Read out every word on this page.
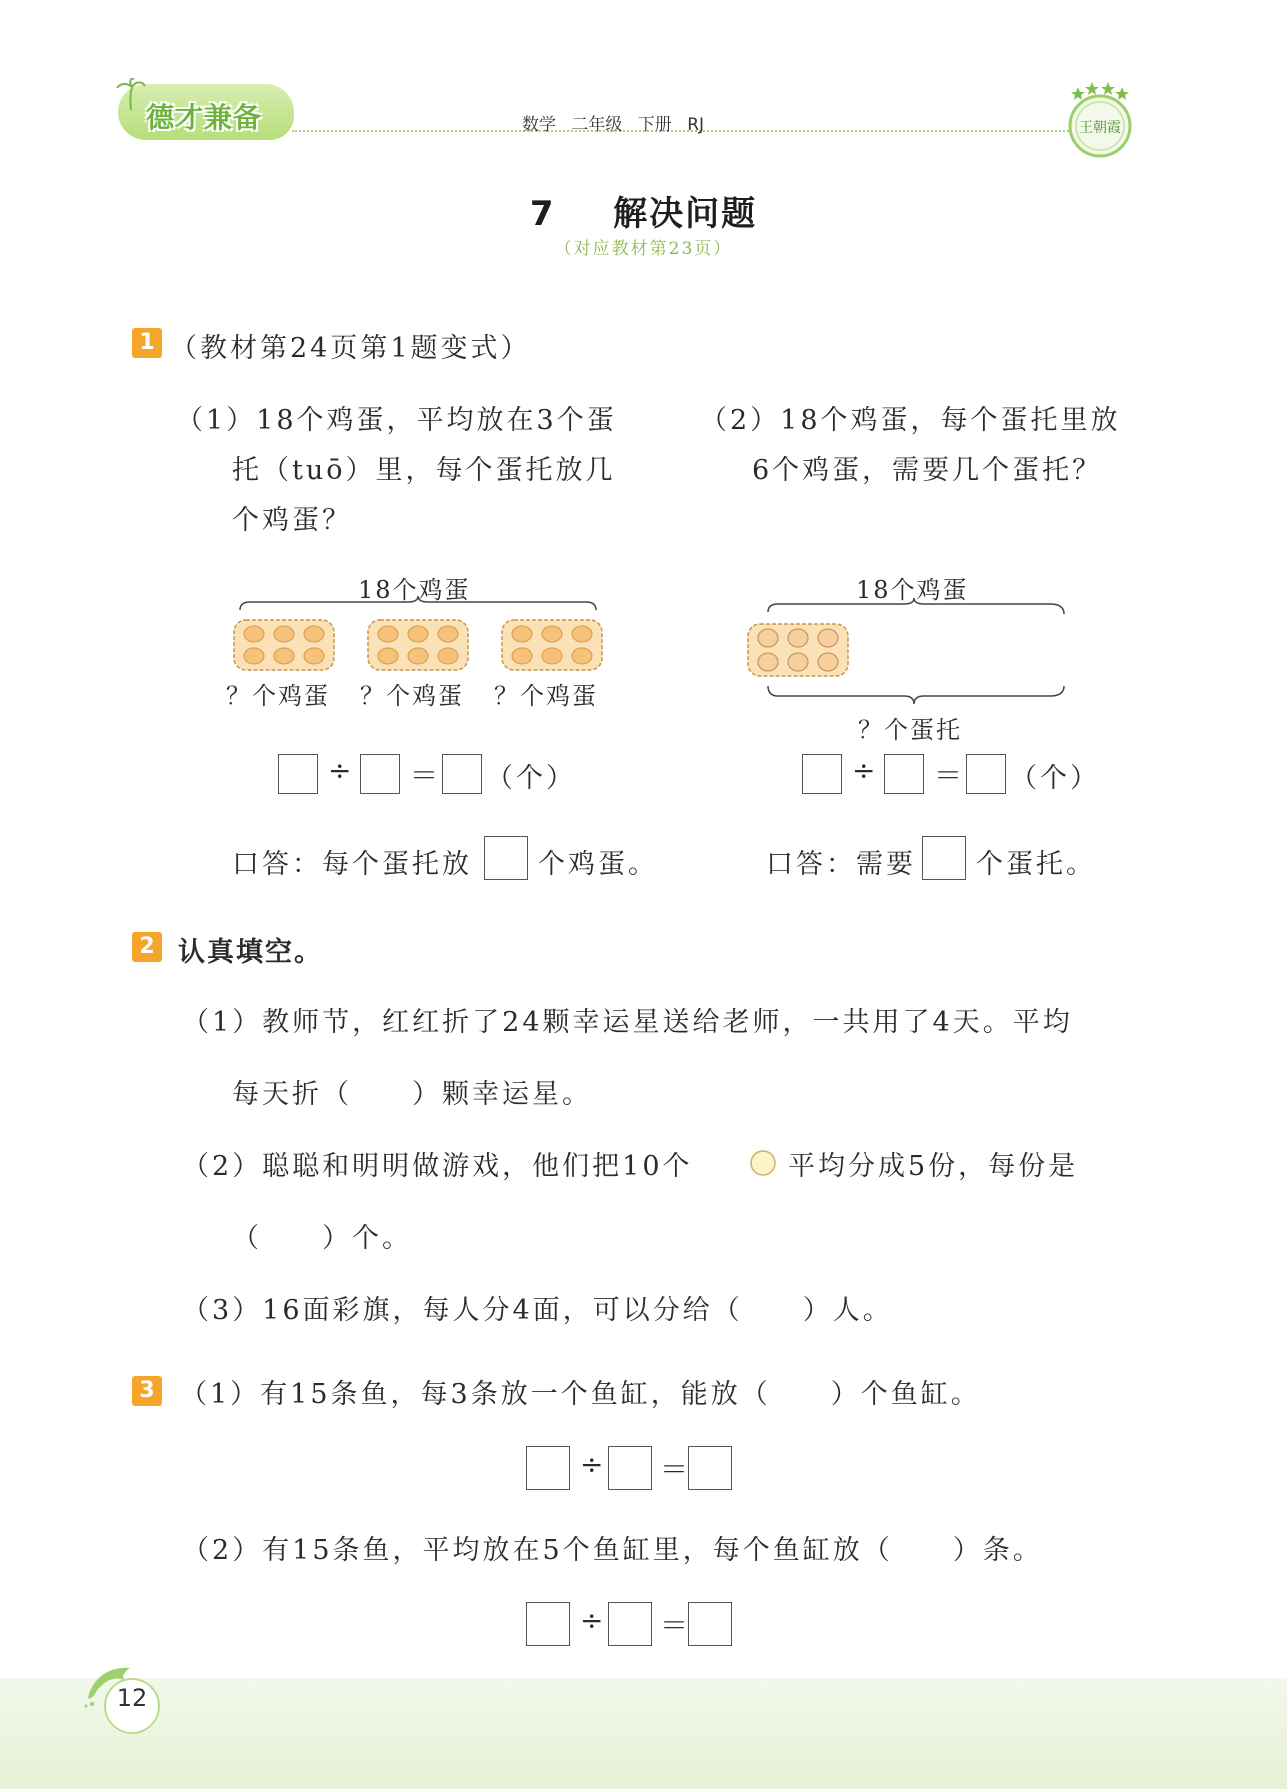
德才兼备	数学 二年级 下册 RJ	王朝霞
7 解决问题
（对应教材第23页）
1 （教材第24页第1题变式）
（1）18个鸡蛋，平均放在3个蛋
托（tuō）里，每个蛋托放几
个鸡蛋？
（2）18个鸡蛋，每个蛋托里放
6个鸡蛋，需要几个蛋托？
18个鸡蛋
？个鸡蛋 ？个鸡蛋 ？个鸡蛋
÷ ＝ （个）
口答：每个蛋托放 个鸡蛋。
18个鸡蛋
？个蛋托
÷ ＝ （个）
口答：需要 个蛋托。
2 认真填空。
（1）教师节，红红折了24颗幸运星送给老师，一共用了4天。平均
每天折（　　）颗幸运星。
（2）聪聪和明明做游戏，他们把10个	平均分成5份，每份是
（　　）个。
（3）16面彩旗，每人分4面，可以分给（　　）人。
3 （1）有15条鱼，每3条放一个鱼缸，能放（　　）个鱼缸。
÷ ＝
（2）有15条鱼，平均放在5个鱼缸里，每个鱼缸放（　　）条。
÷ ＝
12
